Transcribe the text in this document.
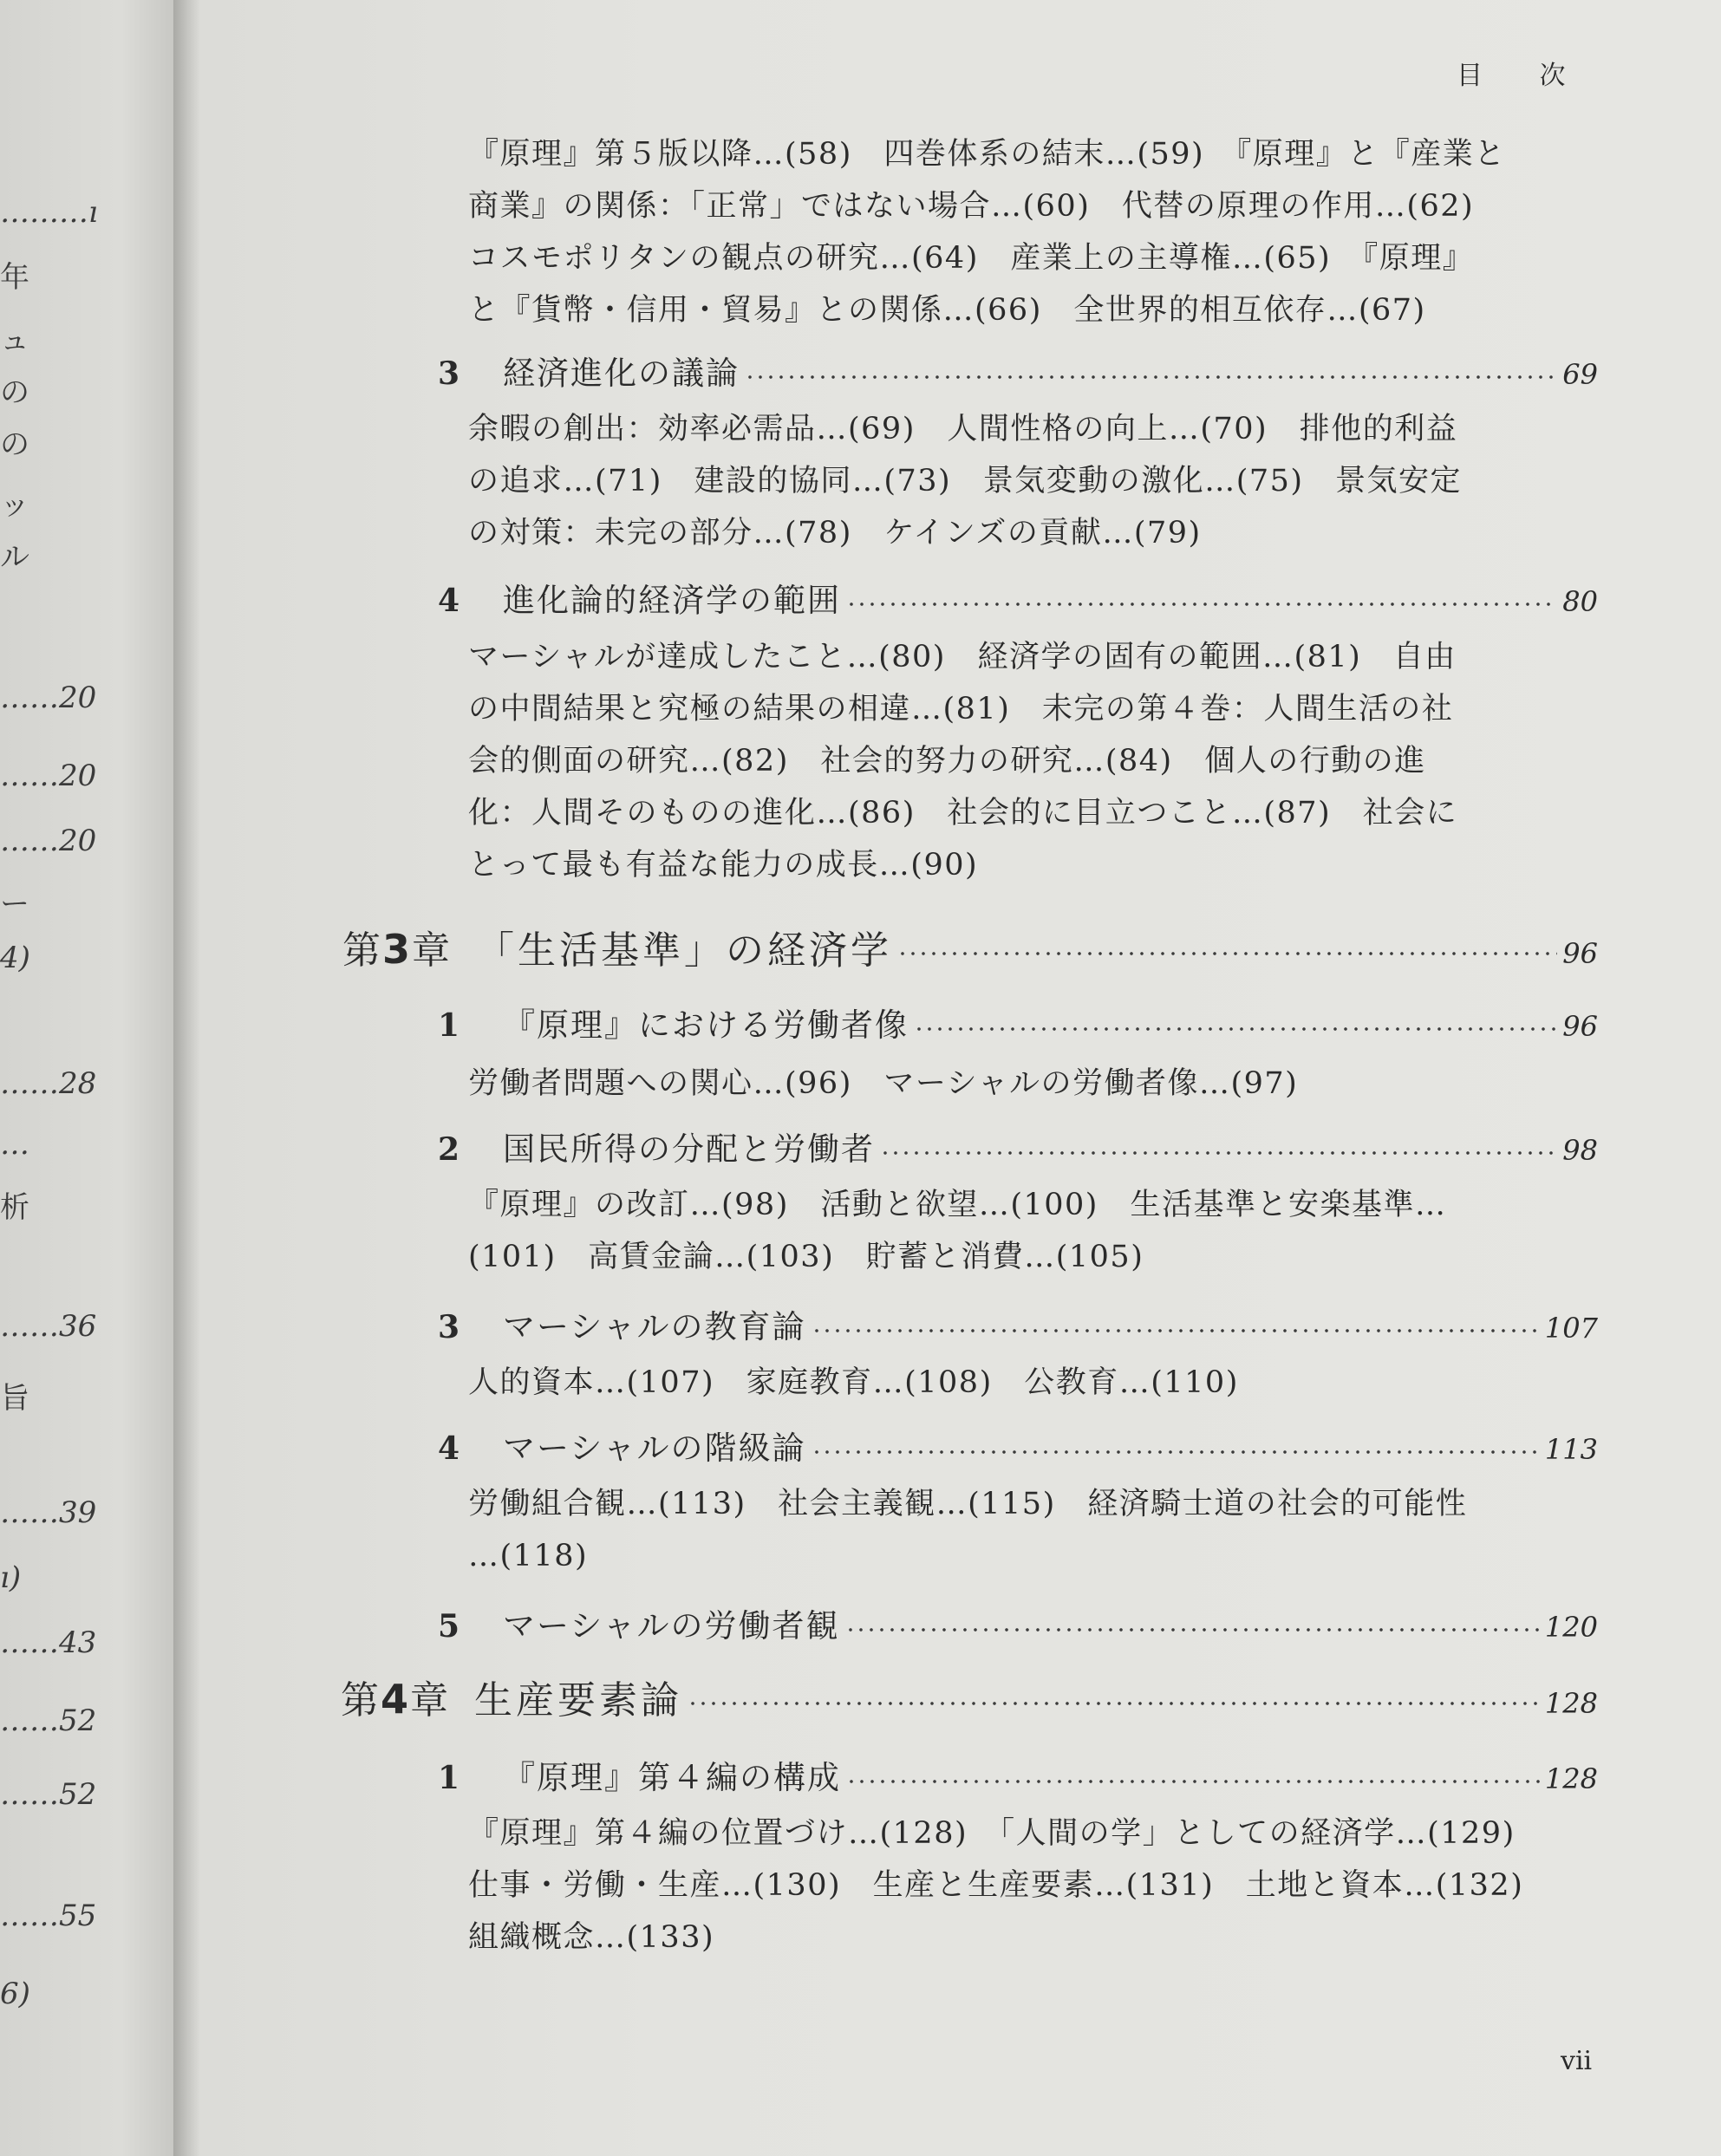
………ı
年
ュ
の
の
ッ
ル
……20
……20
……20
ー
4)
……28
…
析
……36
旨
……39
ı)
……43
……52
……52
……55
6)
目 次
『原理』第５版以降…(58)　四巻体系の結末…(59)　『原理』と『産業と
商業』の関係：「正常」ではない場合…(60)　代替の原理の作用…(62)
コスモポリタンの観点の研究…(64)　産業上の主導権…(65)　『原理』
と『貨幣・信用・貿易』との関係…(66)　全世界的相互依存…(67)
3	経済進化の議論	69
余暇の創出：効率必需品…(69)　人間性格の向上…(70)　排他的利益
の追求…(71)　建設的協同…(73)　景気変動の激化…(75)　景気安定
の対策：未完の部分…(78)　ケインズの貢献…(79)
4	進化論的経済学の範囲	80
マーシャルが達成したこと…(80)　経済学の固有の範囲…(81)　自由
の中間結果と究極の結果の相違…(81)　未完の第４巻：人間生活の社
会的側面の研究…(82)　社会的努力の研究…(84)　個人の行動の進
化：人間そのものの進化…(86)　社会的に目立つこと…(87)　社会に
とって最も有益な能力の成長…(90)
第3章 「生活基準」の経済学	96
1	『原理』における労働者像	96
労働者問題への関心…(96)　マーシャルの労働者像…(97)
2	国民所得の分配と労働者	98
『原理』の改訂…(98)　活動と欲望…(100)　生活基準と安楽基準…
(101)　高賃金論…(103)　貯蓄と消費…(105)
3	マーシャルの教育論	107
人的資本…(107)　家庭教育…(108)　公教育…(110)
4	マーシャルの階級論	113
労働組合観…(113)　社会主義観…(115)　経済騎士道の社会的可能性
…(118)
5	マーシャルの労働者観	120
第4章 生産要素論	128
1	『原理』第４編の構成	128
『原理』第４編の位置づけ…(128)　「人間の学」としての経済学…(129)
仕事・労働・生産…(130)　生産と生産要素…(131)　土地と資本…(132)
組織概念…(133)
vii
